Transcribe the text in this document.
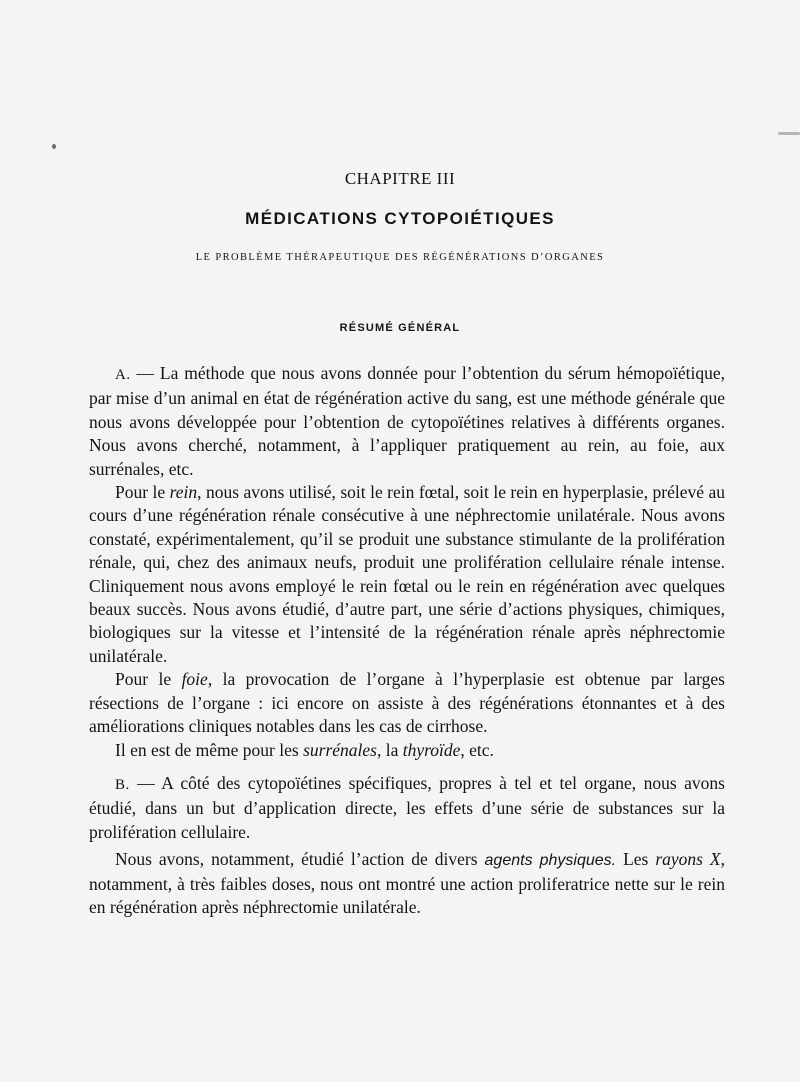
CHAPITRE III
MÉDICATIONS CYTOPOIÉTIQUES
LE PROBLÈME THÉRAPEUTIQUE DES RÉGÉNÉRATIONS D’ORGANES
RÉSUMÉ GÉNÉRAL

A. — La méthode que nous avons donnée pour l’obtention du sérum hémopoïétique, par mise d’un animal en état de régénération active du sang, est une méthode générale que nous avons développée pour l’obtention de cytopoïétines relatives à différents organes. Nous avons cherché, notamment, à l’appliquer pratiquement au rein, au foie, aux surrénales, etc.

Pour le rein, nous avons utilisé, soit le rein fœtal, soit le rein en hyperplasie, prélevé au cours d’une régénération rénale consécutive à une néphrectomie unilatérale. Nous avons constaté, expérimentalement, qu’il se produit une substance stimulante de la prolifération rénale, qui, chez des animaux neufs, produit une prolifération cellulaire rénale intense. Cliniquement nous avons employé le rein fœtal ou le rein en régénération avec quelques beaux succès. Nous avons étudié, d’autre part, une série d’actions physiques, chimiques, biologiques sur la vitesse et l’intensité de la régénération rénale après néphrectomie unilatérale.

Pour le foie, la provocation de l’organe à l’hyperplasie est obtenue par larges résections de l’organe : ici encore on assiste à des régénérations étonnantes et à des améliorations cliniques notables dans les cas de cirrhose.

Il en est de même pour les surrénales, la thyroïde, etc.

B. — A côté des cytopoïétines spécifiques, propres à tel et tel organe, nous avons étudié, dans un but d’application directe, les effets d’une série de substances sur la prolifération cellulaire.

Nous avons, notamment, étudié l’action de divers agents physiques. Les rayons X, notamment, à très faibles doses, nous ont montré une action proliferatrice nette sur le rein en régénération après néphrectomie unilatérale.
